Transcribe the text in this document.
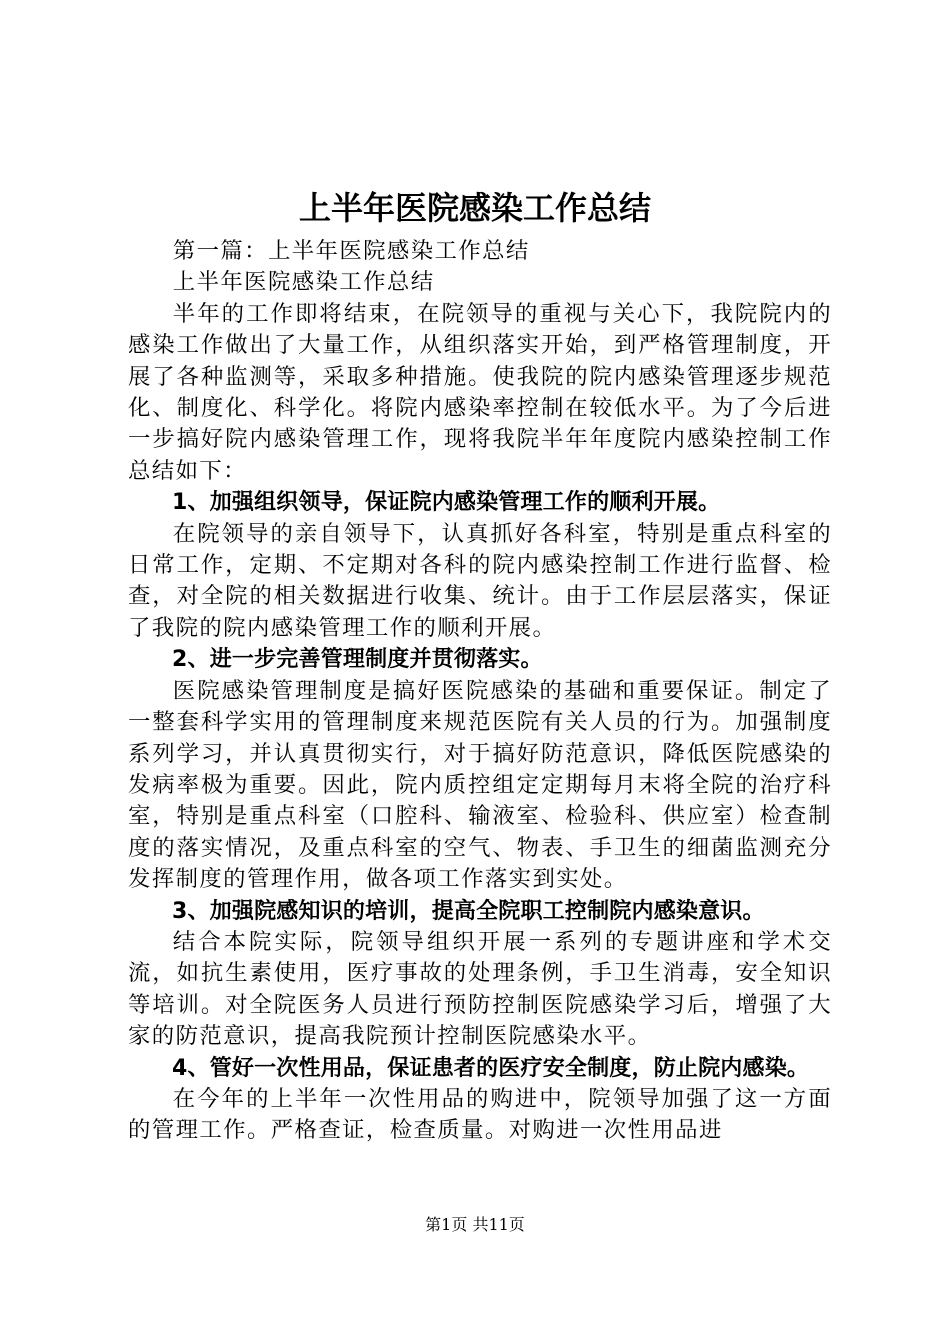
上半年医院感染工作总结

第一篇：上半年医院感染工作总结

上半年医院感染工作总结

半年的工作即将结束，在院领导的重视与关心下，我院院内的感染工作做出了大量工作，从组织落实开始，到严格管理制度，开展了各种监测等，采取多种措施。使我院的院内感染管理逐步规范化、制度化、科学化。将院内感染率控制在较低水平。为了今后进一步搞好院内感染管理工作，现将我院半年年度院内感染控制工作总结如下：

1、加强组织领导，保证院内感染管理工作的顺利开展。

在院领导的亲自领导下，认真抓好各科室，特别是重点科室的日常工作，定期、不定期对各科的院内感染控制工作进行监督、检查，对全院的相关数据进行收集、统计。由于工作层层落实，保证了我院的院内感染管理工作的顺利开展。

2、进一步完善管理制度并贯彻落实。

医院感染管理制度是搞好医院感染的基础和重要保证。制定了一整套科学实用的管理制度来规范医院有关人员的行为。加强制度系列学习，并认真贯彻实行，对于搞好防范意识，降低医院感染的发病率极为重要。因此，院内质控组定定期每月末将全院的治疗科室，特别是重点科室（口腔科、输液室、检验科、供应室）检查制度的落实情况，及重点科室的空气、物表、手卫生的细菌监测充分发挥制度的管理作用，做各项工作落实到实处。

3、加强院感知识的培训，提高全院职工控制院内感染意识。

结合本院实际，院领导组织开展一系列的专题讲座和学术交流，如抗生素使用，医疗事故的处理条例，手卫生消毒，安全知识等培训。对全院医务人员进行预防控制医院感染学习后，增强了大家的防范意识，提高我院预计控制医院感染水平。

4、管好一次性用品，保证患者的医疗安全制度，防止院内感染。

在今年的上半年一次性用品的购进中，院领导加强了这一方面的管理工作。严格查证，检查质量。对购进一次性用品进

第1页 共11页
